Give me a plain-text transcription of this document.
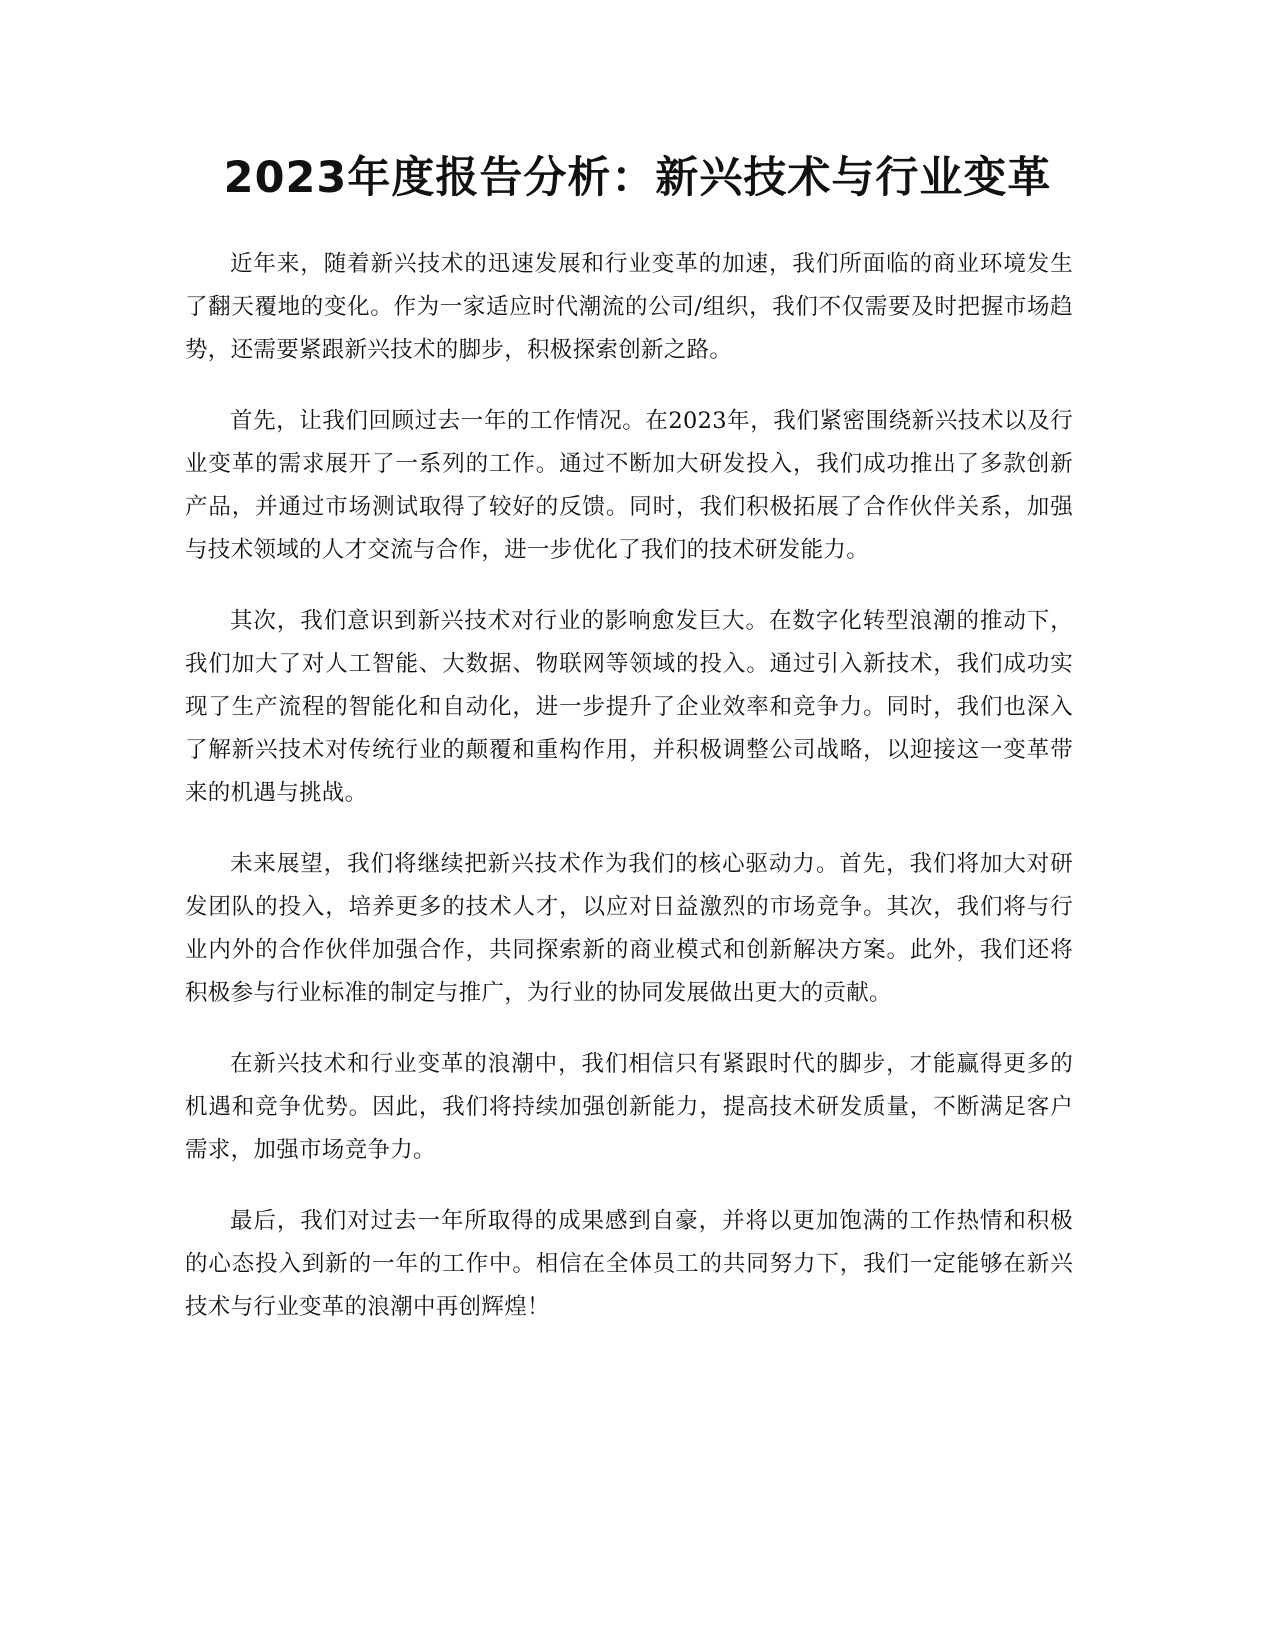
2023年度报告分析：新兴技术与行业变革

近年来，随着新兴技术的迅速发展和行业变革的加速，我们所面临的商业环境发生了翻天覆地的变化。作为一家适应时代潮流的公司/组织，我们不仅需要及时把握市场趋势，还需要紧跟新兴技术的脚步，积极探索创新之路。

首先，让我们回顾过去一年的工作情况。在2023年，我们紧密围绕新兴技术以及行业变革的需求展开了一系列的工作。通过不断加大研发投入，我们成功推出了多款创新产品，并通过市场测试取得了较好的反馈。同时，我们积极拓展了合作伙伴关系，加强与技术领域的人才交流与合作，进一步优化了我们的技术研发能力。

其次，我们意识到新兴技术对行业的影响愈发巨大。在数字化转型浪潮的推动下，我们加大了对人工智能、大数据、物联网等领域的投入。通过引入新技术，我们成功实现了生产流程的智能化和自动化，进一步提升了企业效率和竞争力。同时，我们也深入了解新兴技术对传统行业的颠覆和重构作用，并积极调整公司战略，以迎接这一变革带来的机遇与挑战。

未来展望，我们将继续把新兴技术作为我们的核心驱动力。首先，我们将加大对研发团队的投入，培养更多的技术人才，以应对日益激烈的市场竞争。其次，我们将与行业内外的合作伙伴加强合作，共同探索新的商业模式和创新解决方案。此外，我们还将积极参与行业标准的制定与推广，为行业的协同发展做出更大的贡献。

在新兴技术和行业变革的浪潮中，我们相信只有紧跟时代的脚步，才能赢得更多的机遇和竞争优势。因此，我们将持续加强创新能力，提高技术研发质量，不断满足客户需求，加强市场竞争力。

最后，我们对过去一年所取得的成果感到自豪，并将以更加饱满的工作热情和积极的心态投入到新的一年的工作中。相信在全体员工的共同努力下，我们一定能够在新兴技术与行业变革的浪潮中再创辉煌！
